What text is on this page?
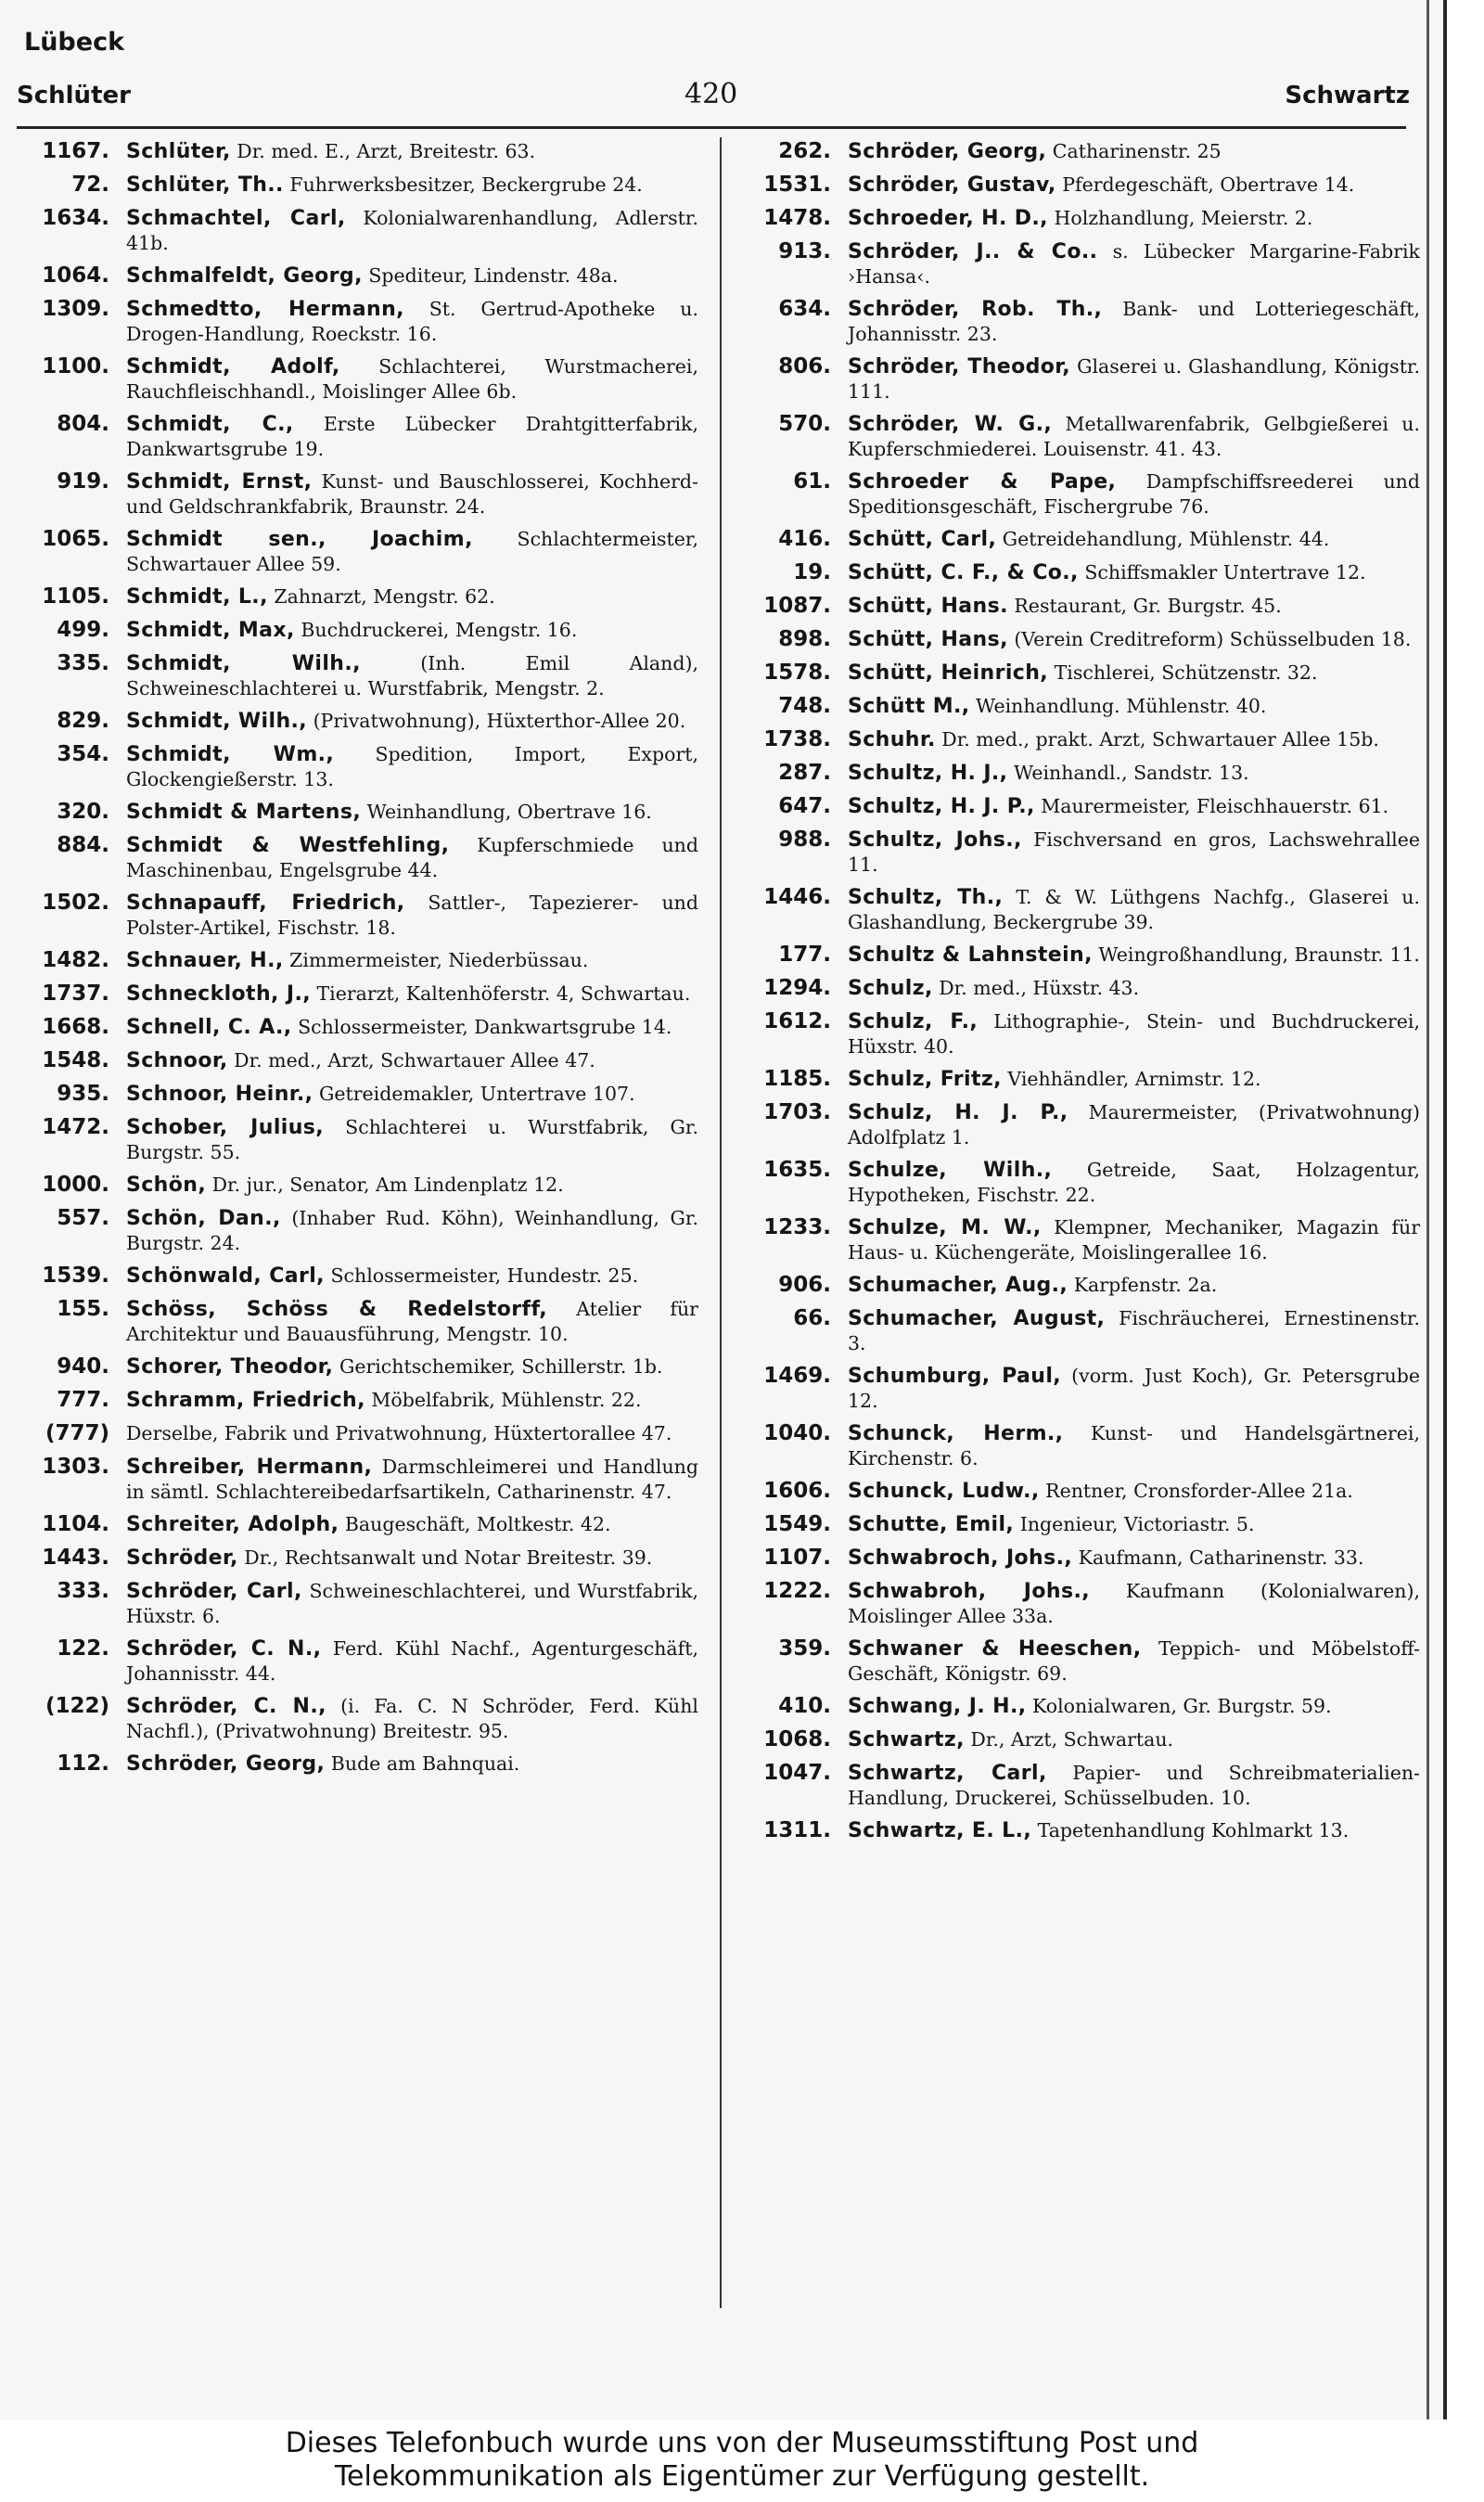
Lübeck
Schlüter	420	Schwartz
1167. Schlüter, Dr. med. E., Arzt, Breitestr. 63.
72. Schlüter, Th.. Fuhrwerksbesitzer, Beckergrube 24.
1634. Schmachtel, Carl, Kolonialwarenhandlung, Adlerstr. 41b.
1064. Schmalfeldt, Georg, Spediteur, Lindenstr. 48a.
1309. Schmedtto, Hermann, St. Gertrud-Apotheke u. Drogen-Handlung, Roeckstr. 16.
1100. Schmidt, Adolf, Schlachterei, Wurstmacherei, Rauchfleischhandl., Moislinger Allee 6b.
804. Schmidt, C., Erste Lübecker Drahtgitterfabrik, Dankwartsgrube 19.
919. Schmidt, Ernst, Kunst- und Bauschlosserei, Kochherd- und Geldschrankfabrik, Braunstr. 24.
1065. Schmidt sen., Joachim, Schlachtermeister, Schwartauer Allee 59.
1105. Schmidt, L., Zahnarzt, Mengstr. 62.
499. Schmidt, Max, Buchdruckerei, Mengstr. 16.
335. Schmidt, Wilh.,	(Inh. Emil Aland), Schweineschlachterei u. Wurstfabrik, Mengstr. 2.
829. Schmidt, Wilh., (Privatwohnung), Hüxterthor-Allee 20.
354. Schmidt, Wm., Spedition, Import, Export, Glockengießerstr. 13.
320. Schmidt & Martens, Weinhandlung, Obertrave 16.
884. Schmidt & Westfehling, Kupferschmiede und Maschinenbau, Engelsgrube 44.
1502. Schnapauff, Friedrich, Sattler-, Tapezierer- und Polster-Artikel, Fischstr. 18.
1482. Schnauer, H., Zimmermeister, Niederbüssau.
1737. Schneckloth, J., Tierarzt, Kaltenhöferstr. 4, Schwartau.
1668. Schnell, C. A., Schlossermeister, Dankwartsgrube 14.
1548. Schnoor, Dr. med., Arzt, Schwartauer Allee 47.
935. Schnoor, Heinr., Getreidemakler, Untertrave 107.
1472. Schober, Julius, Schlachterei u. Wurstfabrik, Gr. Burgstr. 55.
1000. Schön, Dr. jur., Senator, Am Lindenplatz 12.
557. Schön, Dan., (Inhaber Rud. Köhn), Weinhandlung, Gr. Burgstr. 24.
1539. Schönwald, Carl, Schlossermeister, Hundestr. 25.
155. Schöss, Schöss & Redelstorff, Atelier für Architektur und Bauausführung, Mengstr. 10.
940. Schorer, Theodor, Gerichtschemiker, Schillerstr. 1b.
777. Schramm, Friedrich, Möbelfabrik, Mühlenstr. 22.
(777) Derselbe, Fabrik und Privatwohnung, Hüxtertorallee 47.
1303. Schreiber, Hermann, Darmschleimerei und Handlung in sämtl. Schlachtereibedarfsartikeln, Catharinenstr. 47.
1104. Schreiter, Adolph, Baugeschäft, Moltkestr. 42.
1443. Schröder, Dr., Rechtsanwalt und Notar Breitestr. 39.
333. Schröder, Carl, Schweineschlachterei, und Wurstfabrik, Hüxstr. 6.
122. Schröder, C. N., Ferd. Kühl Nachf., Agenturgeschäft, Johannisstr. 44.
(122) Schröder, C. N., (i. Fa. C. N Schröder, Ferd. Kühl Nachfl.), (Privatwohnung) Breitestr. 95.
112. Schröder, Georg, Bude am Bahnquai.
262. Schröder, Georg, Catharinenstr. 25
1531. Schröder, Gustav, Pferdegeschäft, Obertrave 14.
1478. Schroeder, H. D., Holzhandlung, Meierstr. 2.
913. Schröder, J.. & Co.. s. Lübecker Margarine-Fabrik ›Hansa‹.
634. Schröder, Rob. Th., Bank- und Lotteriegeschäft, Johannisstr. 23.
806. Schröder, Theodor, Glaserei u. Glashandlung, Königstr. 111.
570. Schröder, W. G., Metallwarenfabrik, Gelbgießerei u. Kupferschmiederei. Louisenstr. 41. 43.
61. Schroeder & Pape, Dampfschiffsreederei und Speditionsgeschäft, Fischergrube 76.
416. Schütt, Carl, Getreidehandlung, Mühlenstr. 44.
19. Schütt, C. F., & Co., Schiffsmakler Untertrave 12.
1087. Schütt, Hans. Restaurant, Gr. Burgstr. 45.
898. Schütt, Hans, (Verein Creditreform) Schüsselbuden 18.
1578. Schütt, Heinrich, Tischlerei, Schützenstr. 32.
748. Schütt M., Weinhandlung. Mühlenstr. 40.
1738. Schuhr. Dr. med., prakt. Arzt, Schwartauer Allee 15b.
287. Schultz, H. J., Weinhandl., Sandstr. 13.
647. Schultz, H. J. P., Maurermeister, Fleischhauerstr. 61.
988. Schultz, Johs., Fischversand en gros, Lachswehrallee 11.
1446. Schultz, Th., T. & W. Lüthgens Nachfg., Glaserei u. Glashandlung, Beckergrube 39.
177. Schultz & Lahnstein, Weingroßhandlung, Braunstr. 11.
1294. Schulz, Dr. med., Hüxstr. 43.
1612. Schulz, F., Lithographie-, Stein- und Buchdruckerei, Hüxstr. 40.
1185. Schulz, Fritz, Viehhändler, Arnimstr. 12.
1703. Schulz, H. J. P., Maurermeister, (Privatwohnung) Adolfplatz 1.
1635. Schulze, Wilh., Getreide, Saat, Holzagentur, Hypotheken, Fischstr. 22.
1233. Schulze, M. W., Klempner, Mechaniker, Magazin für Haus- u. Küchengeräte, Moislingerallee 16.
906. Schumacher, Aug., Karpfenstr. 2a.
66. Schumacher, August, Fischräucherei, Ernestinenstr. 3.
1469. Schumburg, Paul, (vorm. Just Koch), Gr. Petersgrube 12.
1040. Schunck, Herm., Kunst- und Handelsgärtnerei, Kirchenstr. 6.
1606. Schunck, Ludw., Rentner, Cronsforder-Allee 21a.
1549. Schutte, Emil, Ingenieur, Victoriastr. 5.
1107. Schwabroch, Johs., Kaufmann, Catharinenstr. 33.
1222. Schwabroh, Johs., Kaufmann (Kolonialwaren), Moislinger Allee 33a.
359. Schwaner & Heeschen, Teppich- und Möbelstoff-Geschäft, Königstr. 69.
410. Schwang, J. H., Kolonialwaren, Gr. Burgstr. 59.
1068. Schwartz, Dr., Arzt, Schwartau.
1047. Schwartz, Carl, Papier- und Schreibmaterialien-Handlung, Druckerei, Schüsselbuden. 10.
1311. Schwartz, E. L., Tapetenhandlung Kohlmarkt 13.
Dieses Telefonbuch wurde uns von der Museumsstiftung Post und
Telekommunikation als Eigentümer zur Verfügung gestellt.
